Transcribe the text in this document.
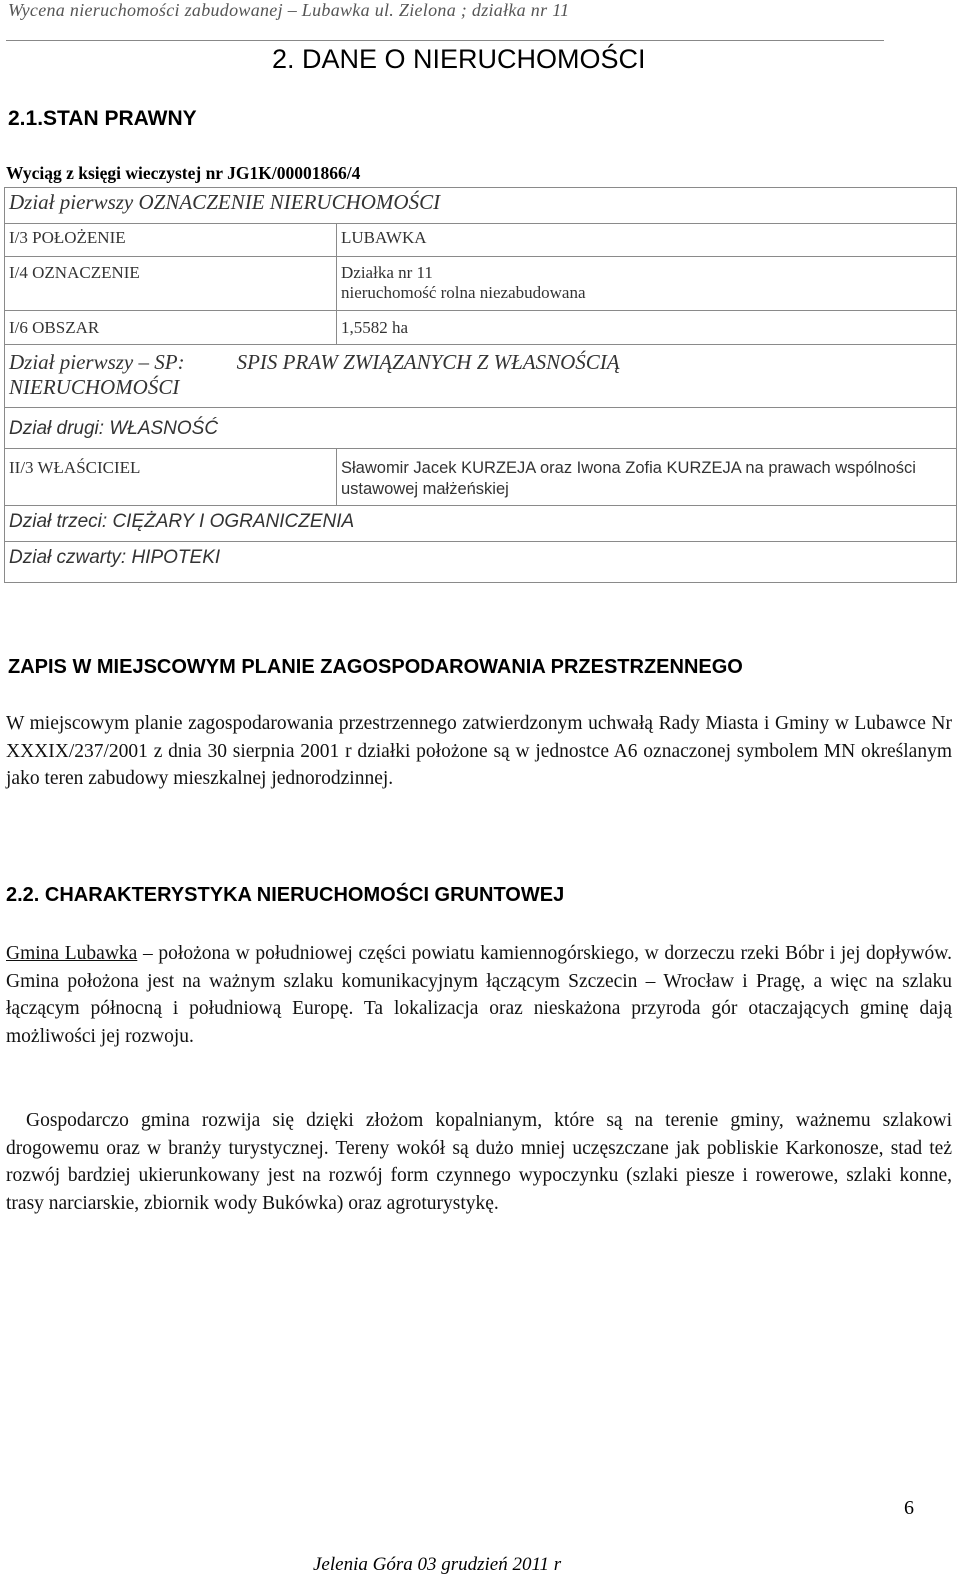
Wycena nieruchomości zabudowanej – Lubawka ul. Zielona ; działka nr 11
2. DANE O NIERUCHOMOŚCI
2.1.STAN PRAWNY
Wyciąg z księgi wieczystej nr JG1K/00001866/4
Dział pierwszy OZNACZENIE NIERUCHOMOŚCI	
I/3 POŁOŻENIE	LUBAWKA
I/4 OZNACZENIE	Działka nr 11
nieruchomość rolna niezabudowana

I/6 OBSZAR	1,5582 ha
Dział pierwszy – SP: SPIS PRAW ZWIĄZANYCH Z WŁASNOŚCIĄ
NIERUCHOMOŚCI	
Dział drugi: WŁASNOŚĆ	
II/3 WŁAŚCICIEL	Sławomir Jacek KURZEJA oraz Iwona Zofia KURZEJA na prawach wspólności ustawowej małżeńskiej
Dział trzeci: CIĘŻARY I OGRANICZENIA	
Dział czwarty: HIPOTEKI	
ZAPIS W MIEJSCOWYM PLANIE ZAGOSPODAROWANIA PRZESTRZENNEGO
W miejscowym planie zagospodarowania przestrzennego zatwierdzonym uchwałą Rady Miasta i Gminy w Lubawce Nr XXXIX/237/2001 z dnia 30 sierpnia 2001 r działki położone są w jednostce A6 oznaczonej symbolem MN określanym jako teren zabudowy mieszkalnej jednorodzinnej.
2.2. CHARAKTERYSTYKA NIERUCHOMOŚCI GRUNTOWEJ
Gmina Lubawka – położona w południowej części powiatu kamiennogórskiego, w dorzeczu rzeki Bóbr i jej dopływów. Gmina położona jest na ważnym szlaku komunikacyjnym łączącym Szczecin – Wrocław i Pragę, a więc na szlaku łączącym północną i południową Europę. Ta lokalizacja oraz nieskażona przyroda gór otaczających gminę dają możliwości jej rozwoju.
Gospodarczo gmina rozwija się dzięki złożom kopalnianym, które są na terenie gminy, ważnemu szlakowi drogowemu oraz w branży turystycznej. Tereny wokół są dużo mniej uczęszczane jak pobliskie Karkonosze, stad też rozwój bardziej ukierunkowany jest na rozwój form czynnego wypoczynku (szlaki piesze i rowerowe, szlaki konne, trasy narciarskie, zbiornik wody Bukówka) oraz agroturystykę.
6
Jelenia Góra 03 grudzień 2011 r
